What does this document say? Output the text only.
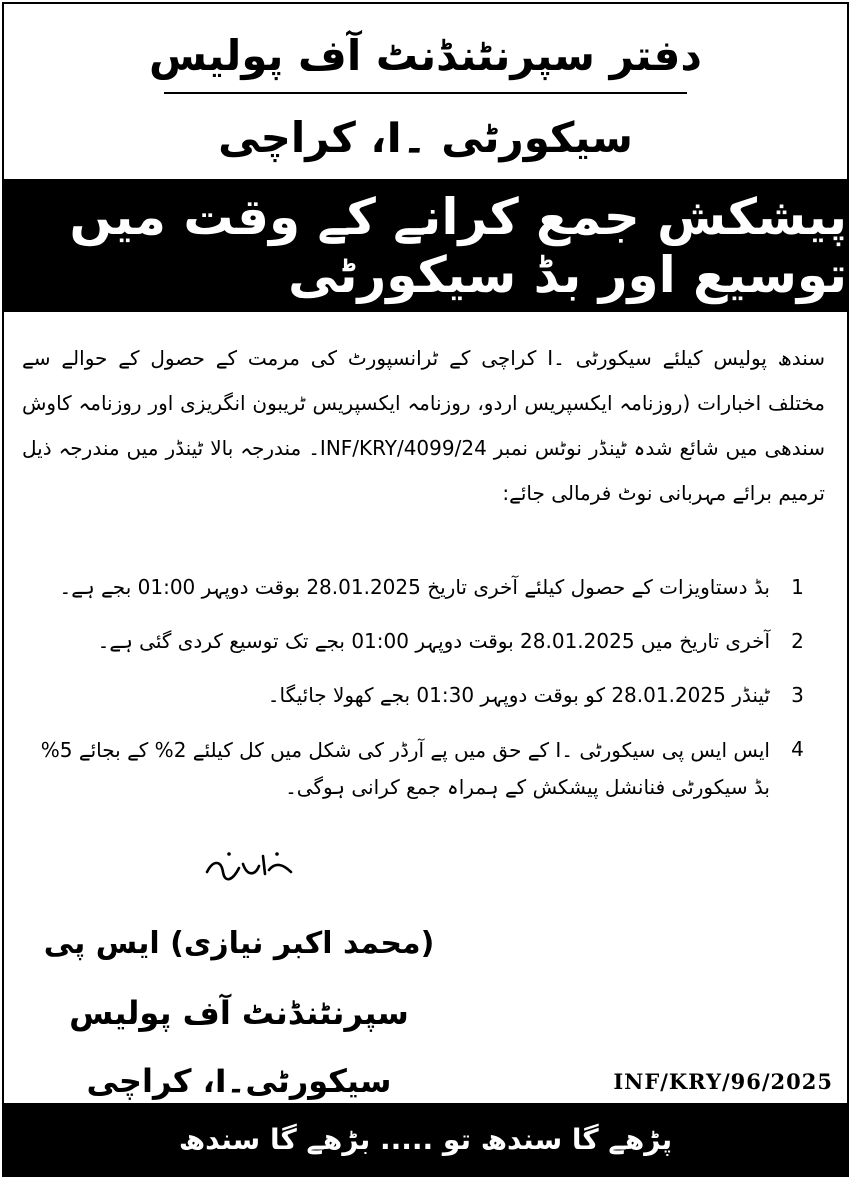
دفتر سپرنٹنڈنٹ آف پولیس
سیکورٹی ۔I، کراچی
پیشکش جمع کرانے کے وقت میں توسیع اور بڈ سیکورٹی
سندھ پولیس کیلئے سیکورٹی ۔I کراچی کے ٹرانسپورٹ کی مرمت کے حصول کے حوالے سے مختلف اخبارات (روزنامہ ایکسپریس اردو، روزنامہ ایکسپریس ٹریبون انگریزی اور روزنامہ کاوش سندھی میں شائع شدہ ٹینڈر نوٹس نمبر INF/KRY/4099/24۔ مندرجہ بالا ٹینڈر میں مندرجہ ذیل ترمیم برائے مہربانی نوٹ فرمالی جائے:
1
بڈ دستاویزات کے حصول کیلئے آخری تاریخ 28.01.2025 بوقت دوپہر 01:00 بجے ہے۔
2
آخری تاریخ میں 28.01.2025 بوقت دوپہر 01:00 بجے تک توسیع کردی گئی ہے۔
3
ٹینڈر 28.01.2025 کو بوقت دوپہر 01:30 بجے کھولا جائیگا۔
4
ایس ایس پی سیکورٹی ۔I کے حق میں پے آرڈر کی شکل میں کل کیلئے 2% کے بجائے 5% بڈ سیکورٹی فنانشل پیشکش کے ہمراہ جمع کرانی ہوگی۔
(محمد اکبر نیازی) ایس پی
سپرنٹنڈنٹ آف پولیس
سیکورٹی۔I، کراچی	INF/KRY/96/2025
پڑھے گا سندھ تو ..... بڑھے گا سندھ
